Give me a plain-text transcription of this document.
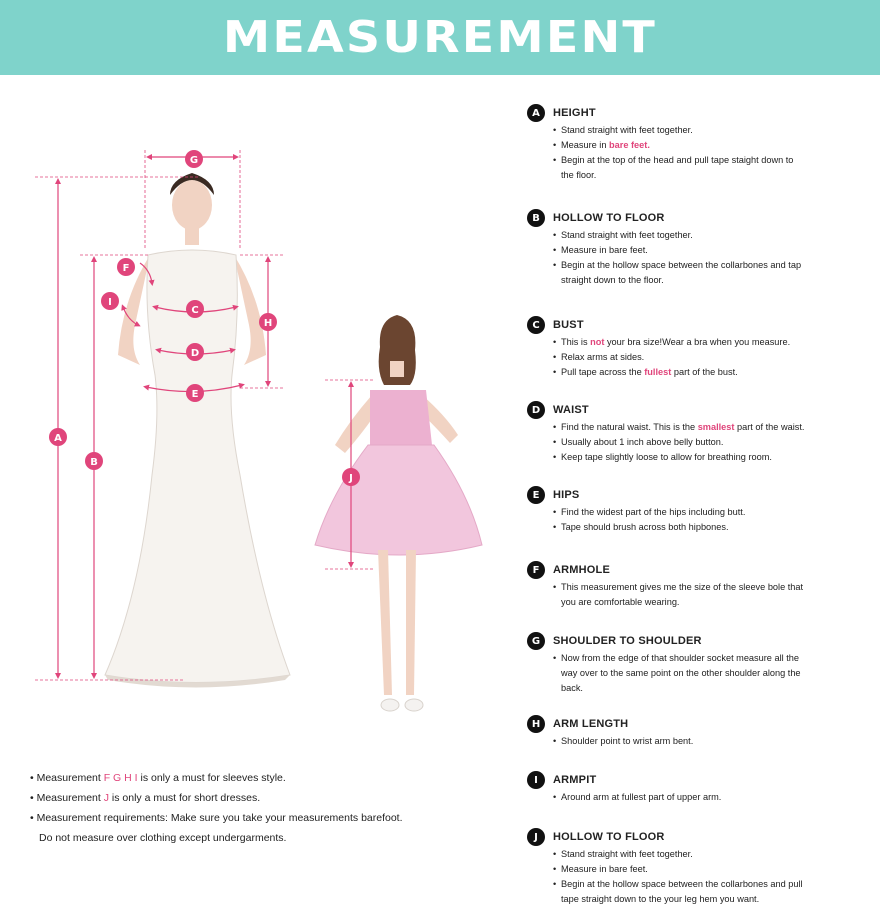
MEASUREMENT
A
B
C
D
E
F
G
H
I
J
• Measurement F G H I is only a must for sleeves style.
• Measurement J is only a must for short dresses.
• Measurement requirements: Make sure you take your measurements barefoot.
Do not measure over clothing except undergarments.
A	HEIGHT
• Stand straight with feet together.
• Measure in bare feet.
• Begin at the top of the head and pull tape staight down to
the floor.
B	HOLLOW TO FLOOR
• Stand straight with feet together.
• Measure in bare feet.
• Begin at the hollow space between the collarbones and tap
straight down to the floor.
C	BUST
• This is not your bra size!Wear a bra when you measure.
• Relax arms at sides.
• Pull tape across the fullest part of the bust.
D	WAIST
• Find the natural waist. This is the smallest part of the waist.
• Usually about 1 inch above belly button.
• Keep tape slightly loose to allow for breathing room.
E	HIPS
• Find the widest part of the hips including butt.
• Tape should brush across both hipbones.
F	ARMHOLE
• This measurement gives me the size of the sleeve bole that
you are comfortable wearing.
G	SHOULDER TO SHOULDER
• Now from the edge of that shoulder socket measure all the
way over to the same point on the other shoulder along the
back.
H	ARM LENGTH
• Shoulder point to wrist arm bent.
I	ARMPIT
• Around arm at fullest part of upper arm.
J	HOLLOW TO FLOOR
• Stand straight with feet together.
• Measure in bare feet.
• Begin at the hollow space between the collarbones and pull
tape straight down to the your leg hem you want.
